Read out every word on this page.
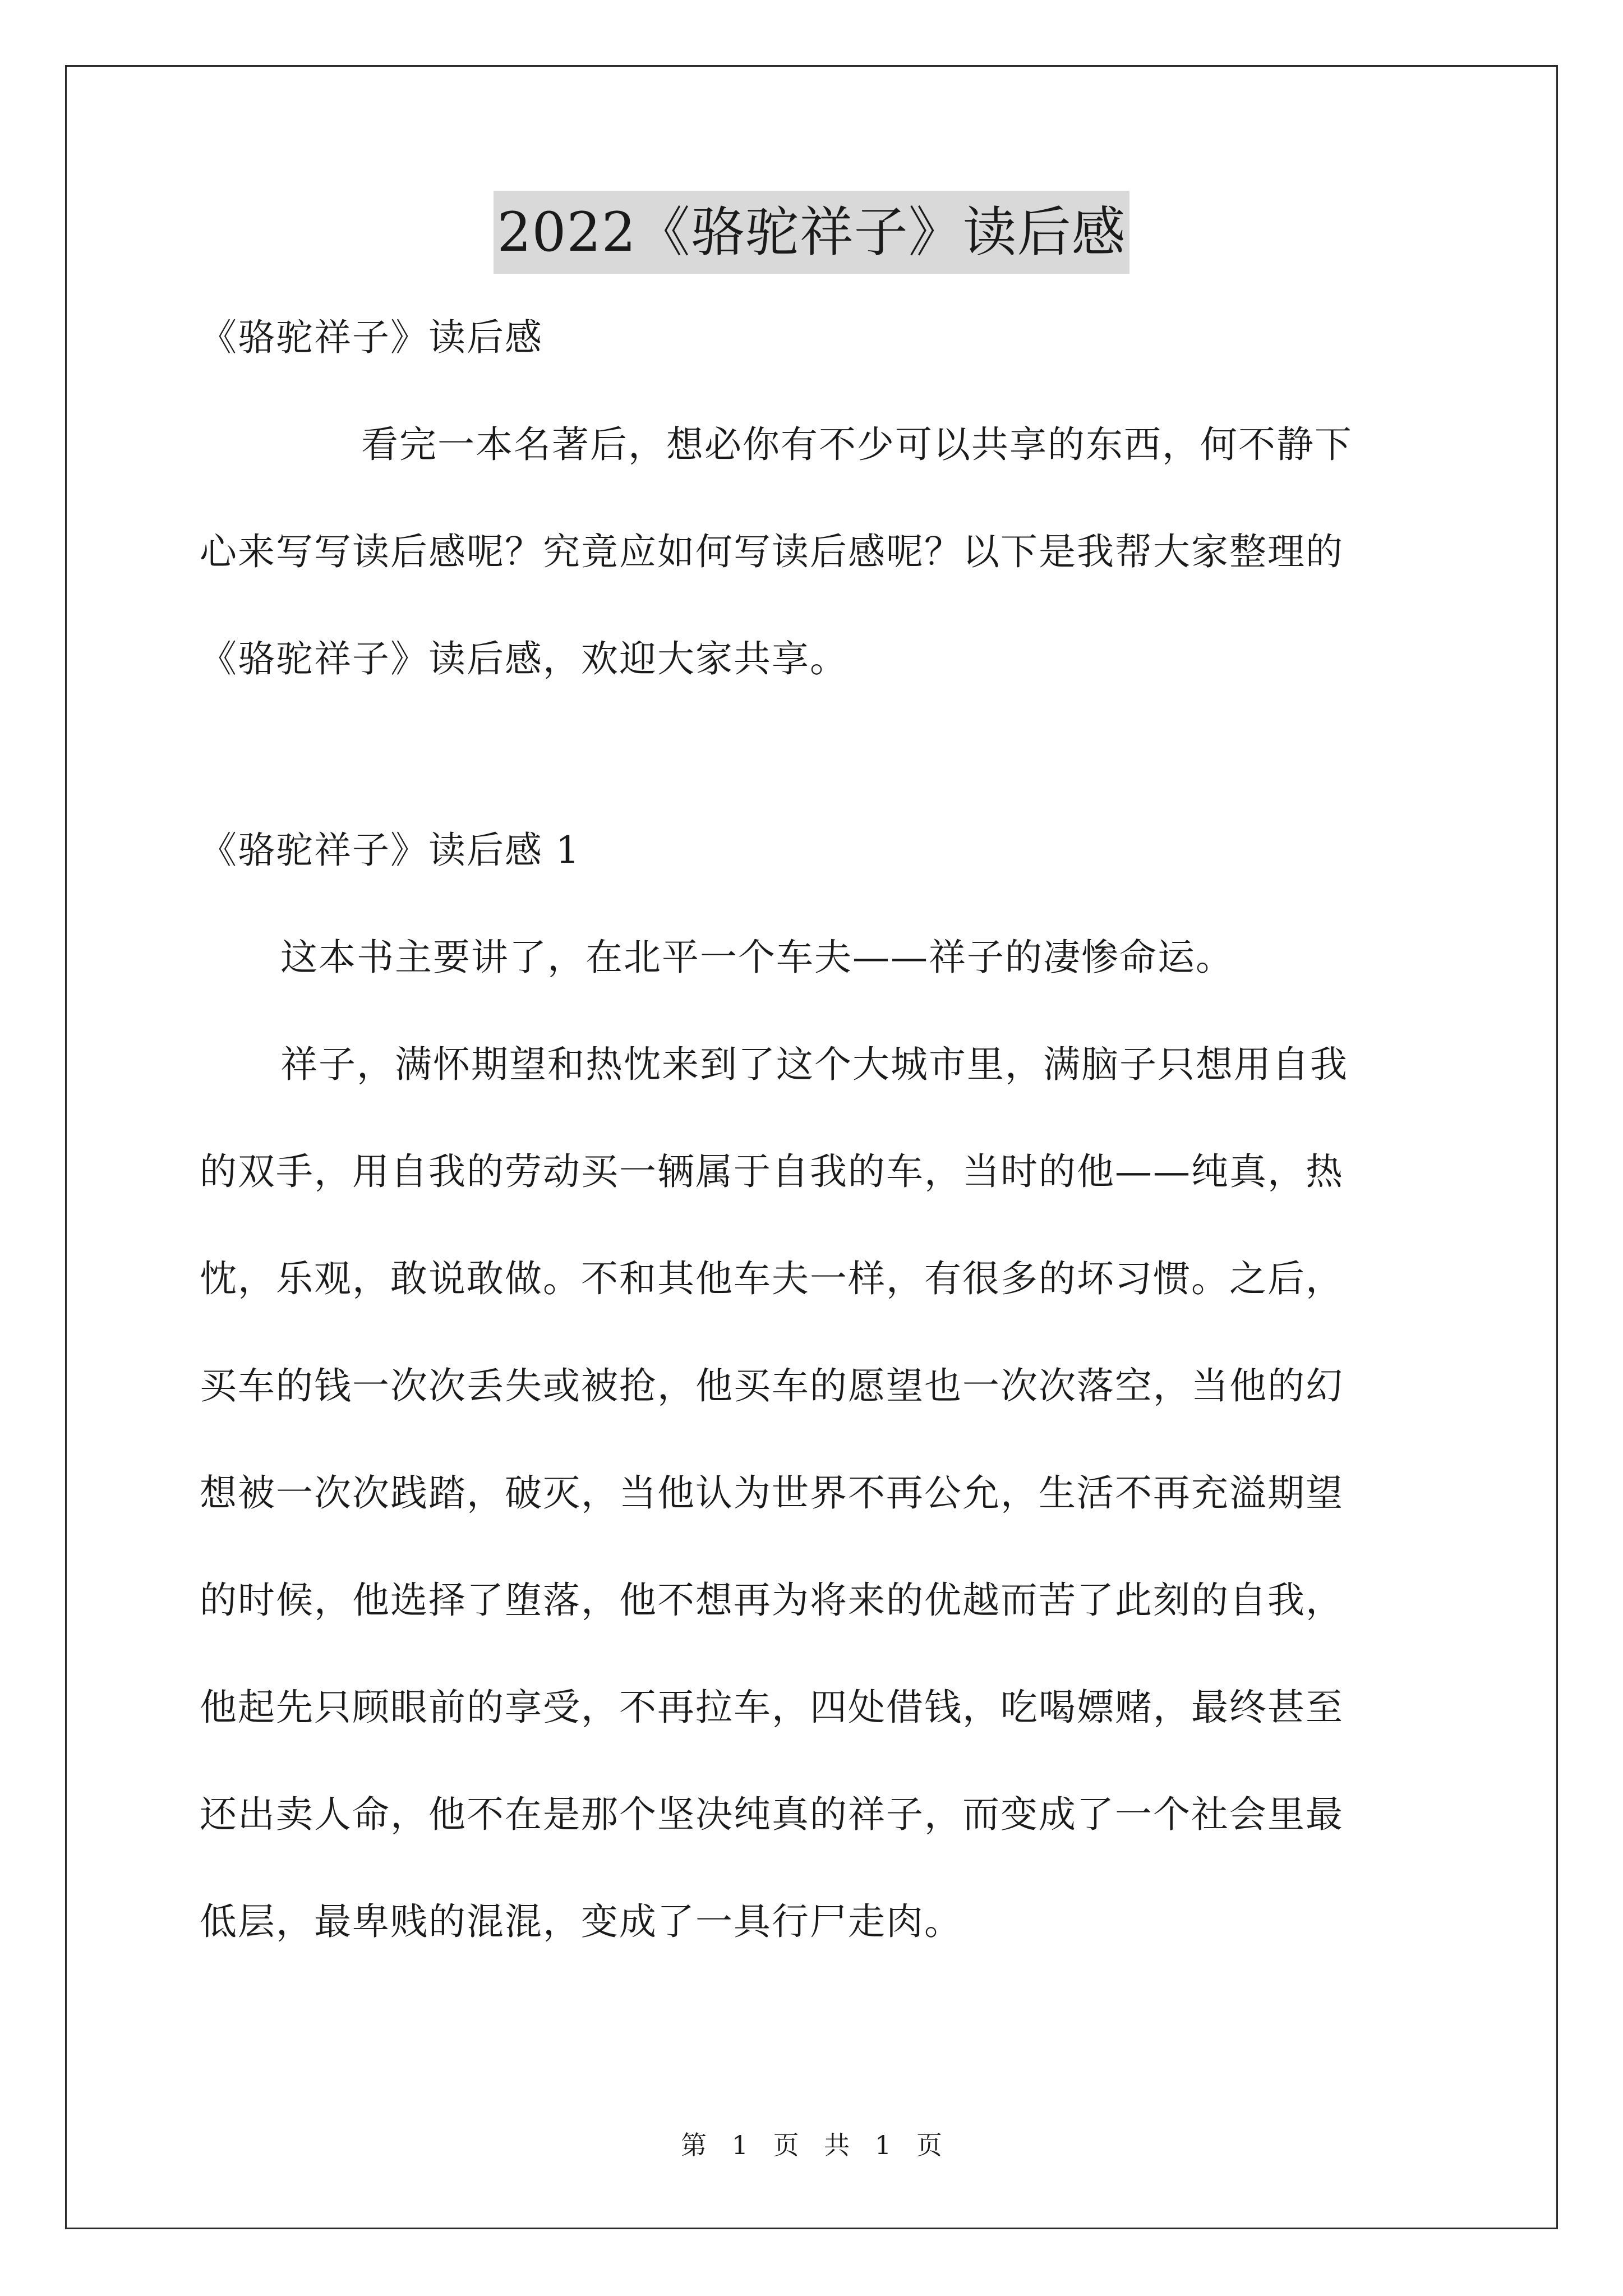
2022《骆驼祥子》读后感
《骆驼祥子》读后感
看完一本名著后，想必你有不少可以共享的东西，何不静下
心来写写读后感呢？究竟应如何写读后感呢？以下是我帮大家整理的
《骆驼祥子》读后感，欢迎大家共享。
《骆驼祥子》读后感 1
这本书主要讲了，在北平一个车夫——祥子的凄惨命运。
祥子，满怀期望和热忱来到了这个大城市里，满脑子只想用自我
的双手，用自我的劳动买一辆属于自我的车，当时的他——纯真，热
忱，乐观，敢说敢做。不和其他车夫一样，有很多的坏习惯。之后，
买车的钱一次次丢失或被抢，他买车的愿望也一次次落空，当他的幻
想被一次次践踏，破灭，当他认为世界不再公允，生活不再充溢期望
的时候，他选择了堕落，他不想再为将来的优越而苦了此刻的自我，
他起先只顾眼前的享受，不再拉车，四处借钱，吃喝嫖赌，最终甚至
还出卖人命，他不在是那个坚决纯真的祥子，而变成了一个社会里最
低层，最卑贱的混混，变成了一具行尸走肉。
第 1 页 共 1 页
